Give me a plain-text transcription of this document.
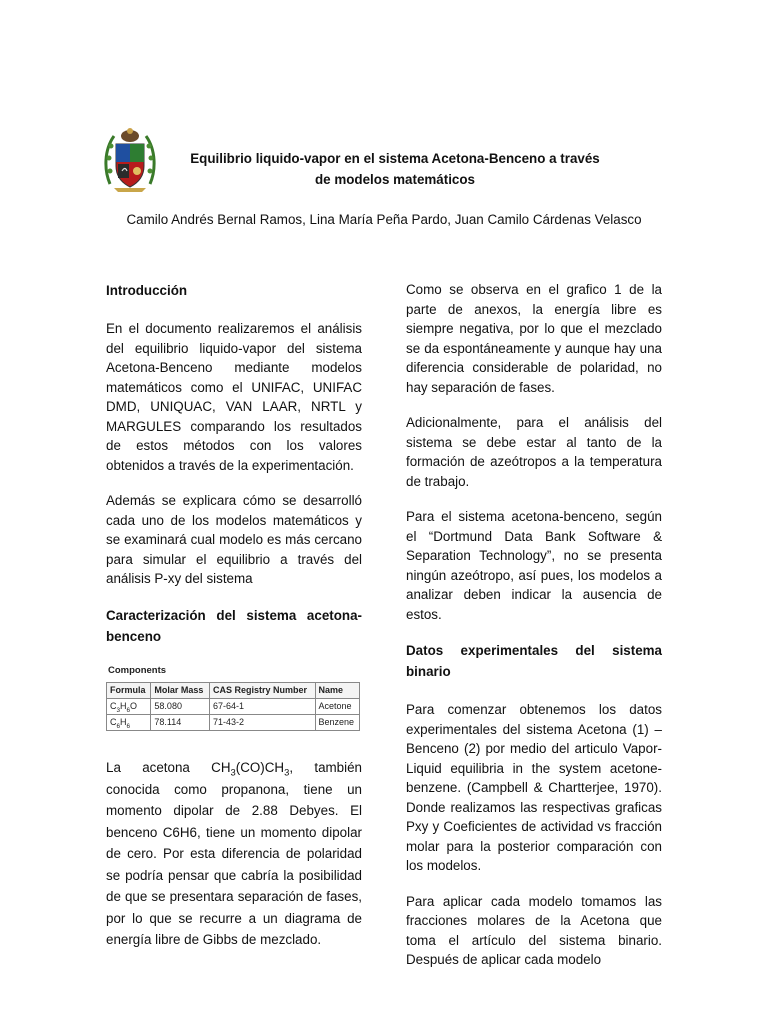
Equilibrio liquido-vapor en el sistema Acetona-Benceno a través
de modelos matemáticos
Camilo Andrés Bernal Ramos, Lina María Peña Pardo, Juan Camilo Cárdenas Velasco
Introducción

En el documento realizaremos el análisis del equilibrio liquido-vapor del sistema Acetona-Benceno mediante modelos matemáticos como el UNIFAC, UNIFAC DMD, UNIQUAC, VAN LAAR, NRTL y MARGULES comparando los resultados de estos métodos con los valores obtenidos a través de la experimentación.

Además se explicara cómo se desarrolló cada uno de los modelos matemáticos y se examinará cual modelo es más cercano para simular el equilibrio a través del análisis P-xy del sistema

Caracterización del sistema acetona-benceno
Components
Formula	Molar Mass	CAS Registry Number	Name
$C_3H_6O$	58.080	67-64-1	Acetone
$C_6H_6$	78.114	71-43-2	Benzene

La acetona $CH_3(CO)CH_3$, también conocida como propanona, tiene un momento dipolar de 2.88 Debyes. El benceno C6H6, tiene un momento dipolar de cero. Por esta diferencia de polaridad se podría pensar que cabría la posibilidad de que se presentara separación de fases, por lo que se recurre a un diagrama de energía libre de Gibbs de mezclado.

Como se observa en el grafico 1 de la parte de anexos, la energía libre es siempre negativa, por lo que el mezclado se da espontáneamente y aunque hay una diferencia considerable de polaridad, no hay separación de fases.

Adicionalmente, para el análisis del sistema se debe estar al tanto de la formación de azeótropos a la temperatura de trabajo.

Para el sistema acetona-benceno, según el “Dortmund Data Bank Software & Separation Technology”, no se presenta ningún azeótropo, así pues, los modelos a analizar deben indicar la ausencia de estos.

Datos experimentales del sistema binario

Para comenzar obtenemos los datos experimentales del sistema Acetona (1) – Benceno (2) por medio del articulo Vapor-Liquid equilibria in the system acetone-benzene. (Campbell & Chartterjee, 1970). Donde realizamos las respectivas graficas Pxy y Coeficientes de actividad vs fracción molar para la posterior comparación con los modelos.

Para aplicar cada modelo tomamos las fracciones molares de la Acetona que toma el artículo del sistema binario. Después de aplicar cada modelo
